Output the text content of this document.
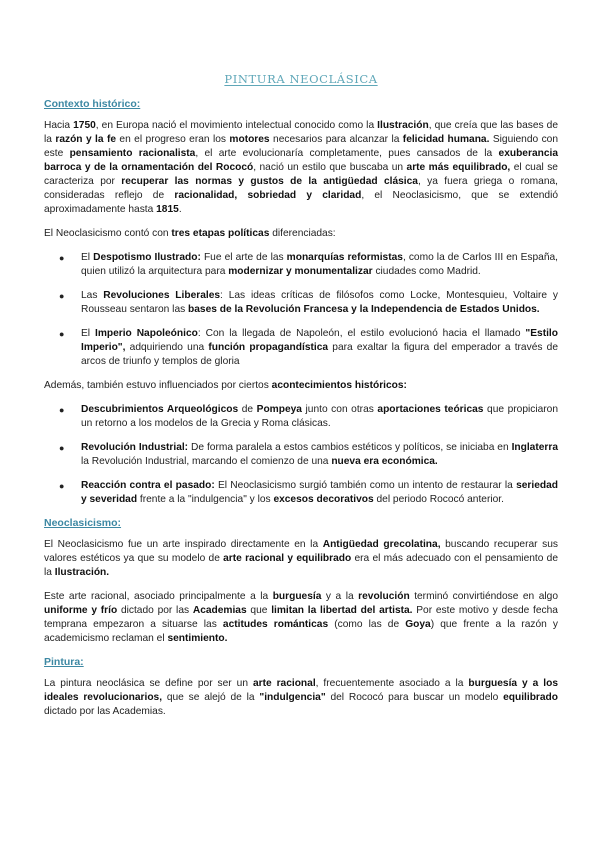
PINTURA NEOCLÁSICA
Contexto histórico:

Hacia 1750, en Europa nació el movimiento intelectual conocido como la Ilustración, que creía que las bases de la razón y la fe en el progreso eran los motores necesarios para alcanzar la felicidad humana. Siguiendo con este pensamiento racionalista, el arte evolucionaría completamente, pues cansados de la exuberancia barroca y de la ornamentación del Rococó, nació un estilo que buscaba un arte más equilibrado, el cual se caracteriza por recuperar las normas y gustos de la antigüedad clásica, ya fuera griega o romana, consideradas reflejo de racionalidad, sobriedad y claridad, el Neoclasicismo, que se extendió aproximadamente hasta 1815.

El Neoclasicismo contó con tres etapas políticas diferenciadas:

● El Despotismo Ilustrado: Fue el arte de las monarquías reformistas, como la de Carlos III en España, quien utilizó la arquitectura para modernizar y monumentalizar ciudades como Madrid.
● Las Revoluciones Liberales: Las ideas críticas de filósofos como Locke, Montesquieu, Voltaire y Rousseau sentaron las bases de la Revolución Francesa y la Independencia de Estados Unidos.
● El Imperio Napoleónico: Con la llegada de Napoleón, el estilo evolucionó hacia el llamado "Estilo Imperio", adquiriendo una función propagandística para exaltar la figura del emperador a través de arcos de triunfo y templos de gloria

Además, también estuvo influenciados por ciertos acontecimientos históricos:

● Descubrimientos Arqueológicos de Pompeya junto con otras aportaciones teóricas que propiciaron un retorno a los modelos de la Grecia y Roma clásicas.
● Revolución Industrial: De forma paralela a estos cambios estéticos y políticos, se iniciaba en Inglaterra la Revolución Industrial, marcando el comienzo de una nueva era económica.
● Reacción contra el pasado: El Neoclasicismo surgió también como un intento de restaurar la seriedad y severidad frente a la "indulgencia" y los excesos decorativos del periodo Rococó anterior.
Neoclasicismo:

El Neoclasicismo fue un arte inspirado directamente en la Antigüedad grecolatina, buscando recuperar sus valores estéticos ya que su modelo de arte racional y equilibrado era el más adecuado con el pensamiento de la Ilustración.

Este arte racional, asociado principalmente a la burguesía y a la revolución terminó convirtiéndose en algo uniforme y frío dictado por las Academias que limitan la libertad del artista. Por este motivo y desde fecha temprana empezaron a situarse las actitudes románticas (como las de Goya) que frente a la razón y academicismo reclaman el sentimiento.

Pintura:

La pintura neoclásica se define por ser un arte racional, frecuentemente asociado a la burguesía y a los ideales revolucionarios, que se alejó de la "indulgencia" del Rococó para buscar un modelo equilibrado dictado por las Academias.
